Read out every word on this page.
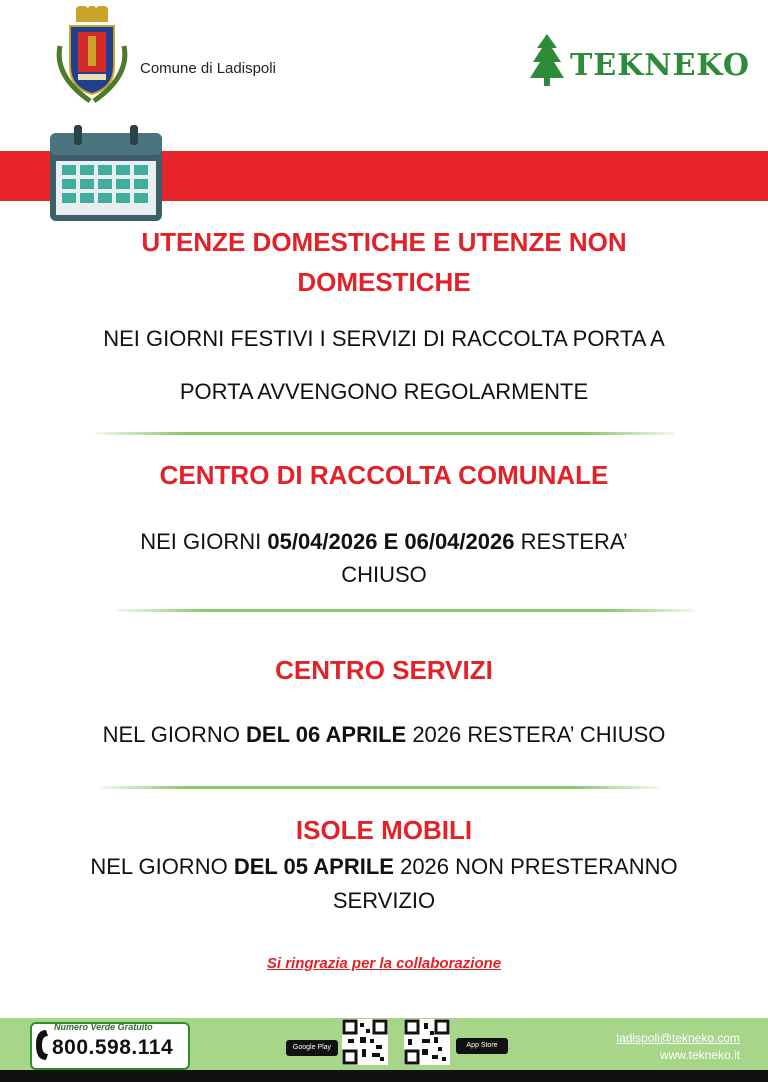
Comune di Ladispoli	TEKNEKO
UTENZE DOMESTICHE E UTENZE NON
DOMESTICHE
NEI GIORNI FESTIVI I SERVIZI DI RACCOLTA PORTA A
PORTA AVVENGONO REGOLARMENTE
CENTRO DI RACCOLTA COMUNALE
NEI GIORNI 05/04/2026 E 06/04/2026 RESTERA’
CHIUSO
CENTRO SERVIZI
NEL GIORNO DEL 06 APRILE 2026 RESTERA’ CHIUSO
ISOLE MOBILI
NEL GIORNO DEL 05 APRILE 2026 NON PRESTERANNO
SERVIZIO
Si ringrazia per la collaborazione
Numero Verde Gratuito
800.598.114	Google Play	App Store
ladispoli@tekneko.com
www.tekneko.it
